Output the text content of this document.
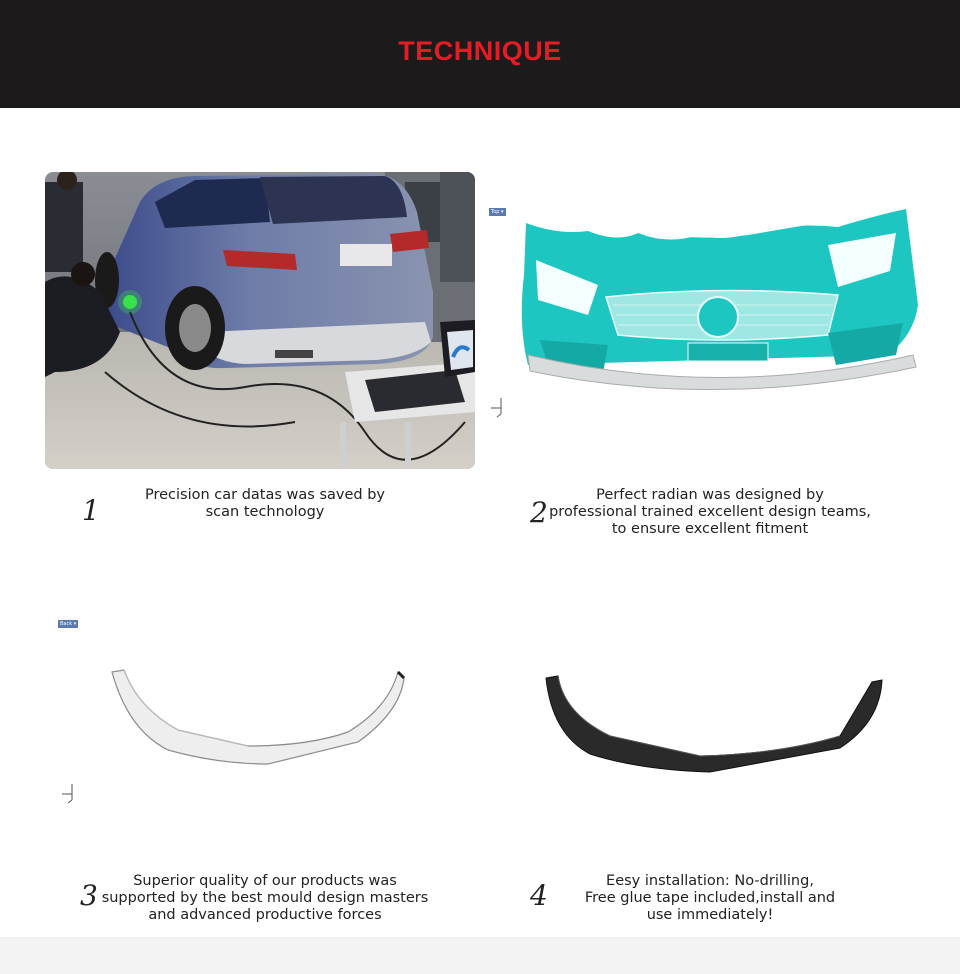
TECHNIQUE
Top ▾
Back ▾
1	Precision car datas was saved by
scan technology	2
Perfect radian was designed by
professional trained excellent design teams,
to ensure excellent fitment
3	Superior quality of our products was
supported by the best mould design masters
and advanced productive forces
4	Eesy installation: No-drilling,
Free glue tape included,install and
use immediately!
